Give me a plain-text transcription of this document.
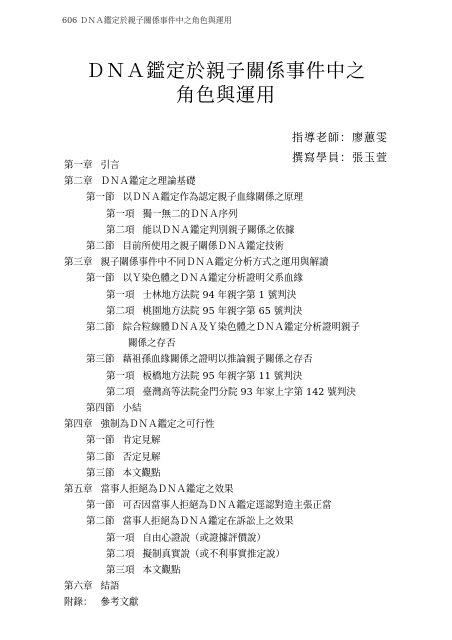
606 ＤＮＡ鑑定於親子關係事件中之角色與運用
ＤＮＡ鑑定於親子關係事件中之
角色與運用
指導老師：廖蕙雯
撰寫學員：張玉萱
第一章 引言
第二章 ＤＮＡ鑑定之理論基礎
第一節 以ＤＮＡ鑑定作為認定親子血緣關係之原理
第一項 獨一無二的ＤＮＡ序列
第二項 能以ＤＮＡ鑑定判別親子關係之依據
第二節 目前所使用之親子關係ＤＮＡ鑑定技術
第三章 親子關係事件中不同ＤＮＡ鑑定分析方式之運用與解讀
第一節 以Ｙ染色體之ＤＮＡ鑑定分析證明父系血緣
第一項 士林地方法院 94 年親字第 1 號判決
第二項 桃園地方法院 95 年親字第 65 號判決
第二節 綜合粒線體ＤＮＡ及Ｙ染色體之ＤＮＡ鑑定分析證明親子
關係之存否
第三節 藉祖孫血緣關係之證明以推論親子關係之存否
第一項 板橋地方法院 95 年親字第 11 號判決
第二項 臺灣高等法院金門分院 93 年家上字第 142 號判決
第四節 小結
第四章 強制為ＤＮＡ鑑定之可行性
第一節 肯定見解
第二節 否定見解
第三節 本文觀點
第五章 當事人拒絕為ＤＮＡ鑑定之效果
第一節 可否因當事人拒絕為ＤＮＡ鑑定逕認對造主張正當
第二節 當事人拒絕為ＤＮＡ鑑定在訴訟上之效果
第一項 自由心證說（或證據評價說）
第二項 擬制真實說（或不利事實推定說）
第三項 本文觀點
第六章 結語
附錄： 參考文獻
